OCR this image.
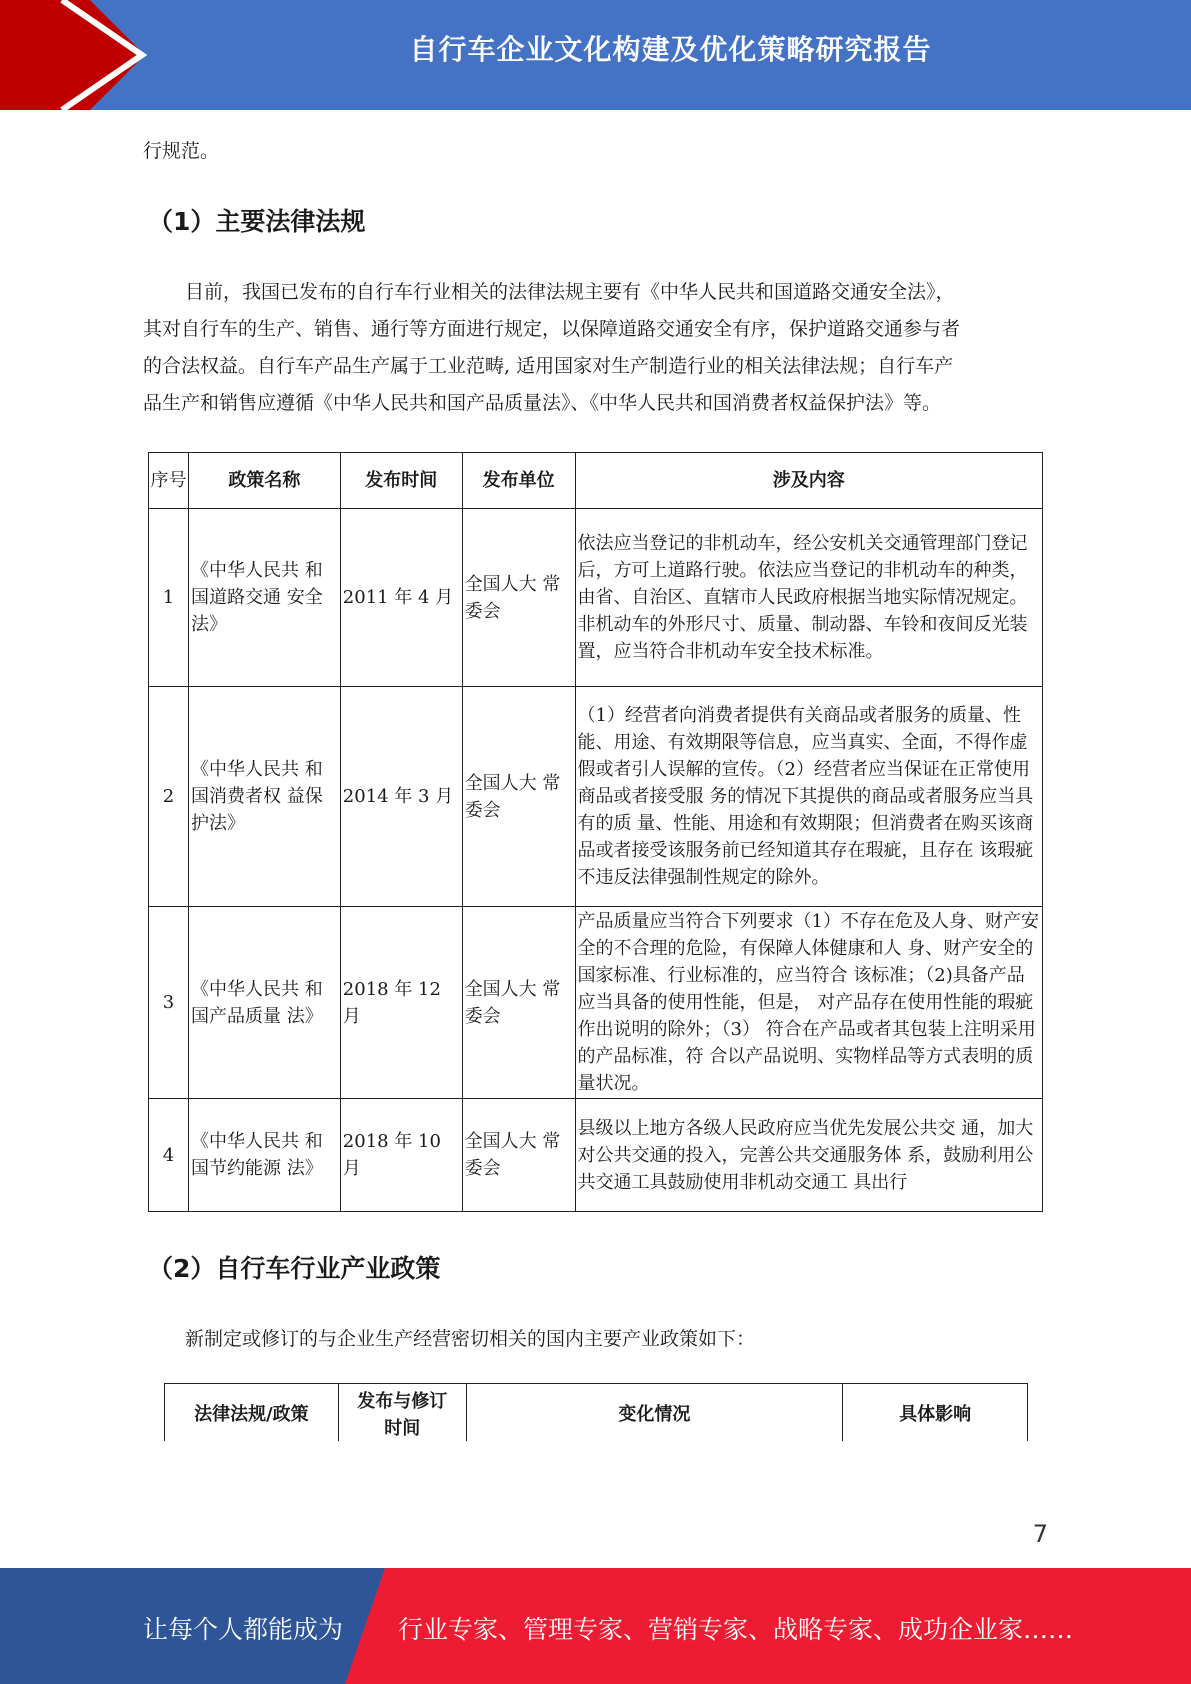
自行车企业文化构建及优化策略研究报告
行规范。
（1）主要法律法规
目前，我国已发布的自行车行业相关的法律法规主要有《中华人民共和国道路交通安全法》，
其对自行车的生产、销售、通行等方面进行规定，以保障道路交通安全有序，保护道路交通参与者
的合法权益。自行车产品生产属于工业范畴, 适用国家对生产制造行业的相关法律法规；自行车产
品生产和销售应遵循《中华人民共和国产品质量法》、《中华人民共和国消费者权益保护法》等。
序号	政策名称	发布时间	发布单位	涉及内容
1	《中华人民共 和国道路交通 安全法》	2011 年 4 月	全国人大 常委会	依法应当登记的非机动车，经公安机关交通管理部门登记后，方可上道路行驶。依法应当登记的非机动车的种类，由省、自治区、直辖市人民政府根据当地实际情况规定。非机动车的外形尺寸、质量、制动器、车铃和夜间反光装置，应当符合非机动车安全技术标准。
2	《中华人民共 和国消费者权 益保护法》	2014 年 3 月	全国人大 常委会	（1）经营者向消费者提供有关商品或者服务的质量、性能、用途、有效期限等信息，应当真实、全面，不得作虚假或者引人误解的宣传。（2）经营者应当保证在正常使用商品或者接受服 务的情况下其提供的商品或者服务应当具有的质 量、性能、用途和有效期限；但消费者在购买该商 品或者接受该服务前已经知道其存在瑕疵，且存在 该瑕疵不违反法律强制性规定的除外。
3	《中华人民共 和国产品质量 法》	2018 年 12 月	全国人大 常委会	产品质量应当符合下列要求（1）不存在危及人身、财产安全的不合理的危险，有保障人体健康和人 身、财产安全的国家标准、行业标准的，应当符合 该标准；（2)具备产品应当具备的使用性能，但是， 对产品存在使用性能的瑕疵作出说明的除外；（3） 符合在产品或者其包装上注明采用的产品标准，符 合以产品说明、实物样品等方式表明的质量状况。
4	《中华人民共 和国节约能源 法》	2018 年 10 月	全国人大 常委会	县级以上地方各级人民政府应当优先发展公共交 通，加大对公共交通的投入，完善公共交通服务体 系，鼓励利用公共交通工具鼓励使用非机动交通工 具出行
（2）自行车行业产业政策
新制定或修订的与企业生产经营密切相关的国内主要产业政策如下：
法律法规/政策	发布与修订时间	变化情况	具体影响
7
让每个人都能成为 行业专家、管理专家、营销专家、战略专家、成功企业家……
